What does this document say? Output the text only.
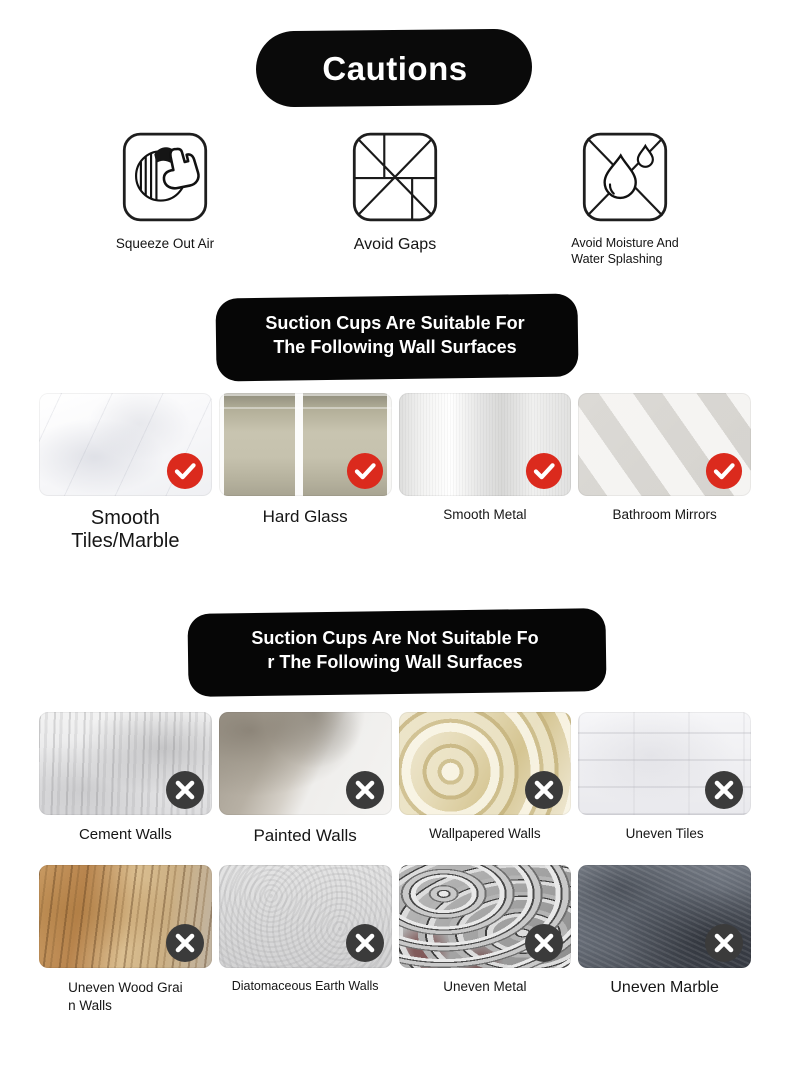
Cautions
Squeeze Out Air	Avoid Gaps	Avoid Moisture And
Water Splashing
Suction Cups Are Suitable For
The Following Wall Surfaces
Smooth Tiles/Marble
Hard Glass	Smooth Metal	Bathroom Mirrors
Suction Cups Are Not Suitable Fo
r The Following Wall Surfaces
Cement Walls	Painted Walls	Wallpapered Walls	Uneven Tiles
Uneven Wood Grai
n Walls
Diatomaceous Earth Walls	Uneven Metal	Uneven Marble
